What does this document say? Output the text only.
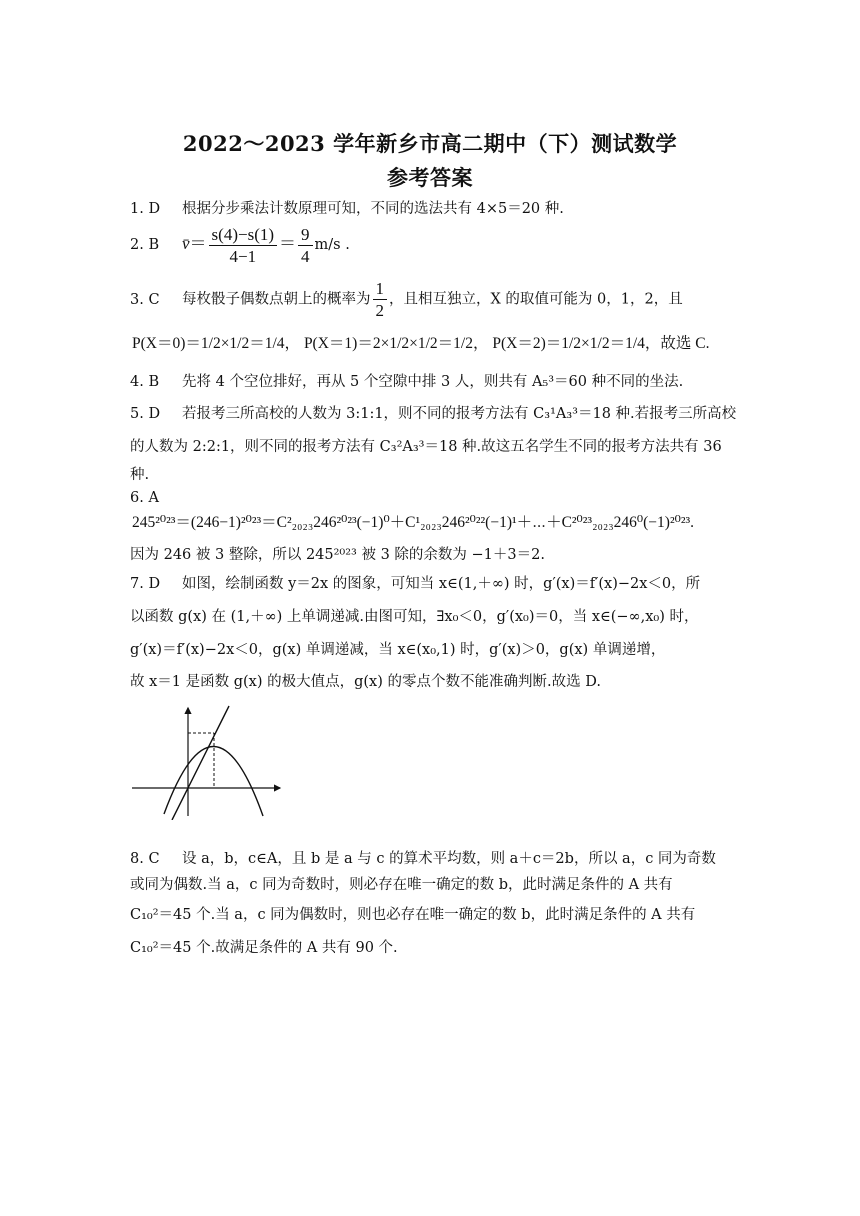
2022～2023 学年新乡市高二期中（下）测试数学
参考答案
1. D 根据分步乘法计数原理可知，不同的选法共有 4×5＝20 种.
2. B v̄＝ $\frac{s(4)-s(1)}{4-1} = \frac{9}{4} m/s$ .
3. C 每枚骰子偶数点朝上的概率为 $\frac{1}{2}$ ，且相互独立，X 的取值可能为 0，1，2，且
P(X＝0)＝1/2×1/2＝1/4， P(X＝1)＝2×1/2×1/2＝1/2， P(X＝2)＝1/2×1/2＝1/4，故选 C.
4. B 先将 4 个空位排好，再从 5 个空隙中排 3 人，则共有 A₅³＝60 种不同的坐法.
5. D 若报考三所高校的人数为 3:1:1，则不同的报考方法有 C₃¹A₃³＝18 种.若报考三所高校
的人数为 2:2:1，则不同的报考方法有 C₃²A₃³＝18 种.故这五名学生不同的报考方法共有 36
种.
6. A
245²⁰²³＝(246−1)²⁰²³＝C²₂₀₂₃246²⁰²³(−1)⁰＋C¹₂₀₂₃246²⁰²²(−1)¹＋⋯＋C²⁰²³₂₀₂₃246⁰(−1)²⁰²³.
因为 246 被 3 整除，所以 245²⁰²³ 被 3 除的余数为 −1＋3＝2.
7. D 如图，绘制函数 y＝2x 的图象，可知当 x∈(1,＋∞) 时，g′(x)＝f′(x)−2x＜0，所
以函数 g(x) 在 (1,＋∞) 上单调递减.由图可知，∃x₀＜0，g′(x₀)＝0，当 x∈(−∞,x₀) 时，
g′(x)＝f′(x)−2x＜0，g(x) 单调递减，当 x∈(x₀,1) 时，g′(x)＞0，g(x) 单调递增，
故 x＝1 是函数 g(x) 的极大值点，g(x) 的零点个数不能准确判断.故选 D.
8. C 设 a，b，c∈A，且 b 是 a 与 c 的算术平均数，则 a＋c＝2b，所以 a，c 同为奇数
或同为偶数.当 a，c 同为奇数时，则必存在唯一确定的数 b，此时满足条件的 A 共有
C₁₀²＝45 个.当 a，c 同为偶数时，则也必存在唯一确定的数 b，此时满足条件的 A 共有
C₁₀²＝45 个.故满足条件的 A 共有 90 个.
